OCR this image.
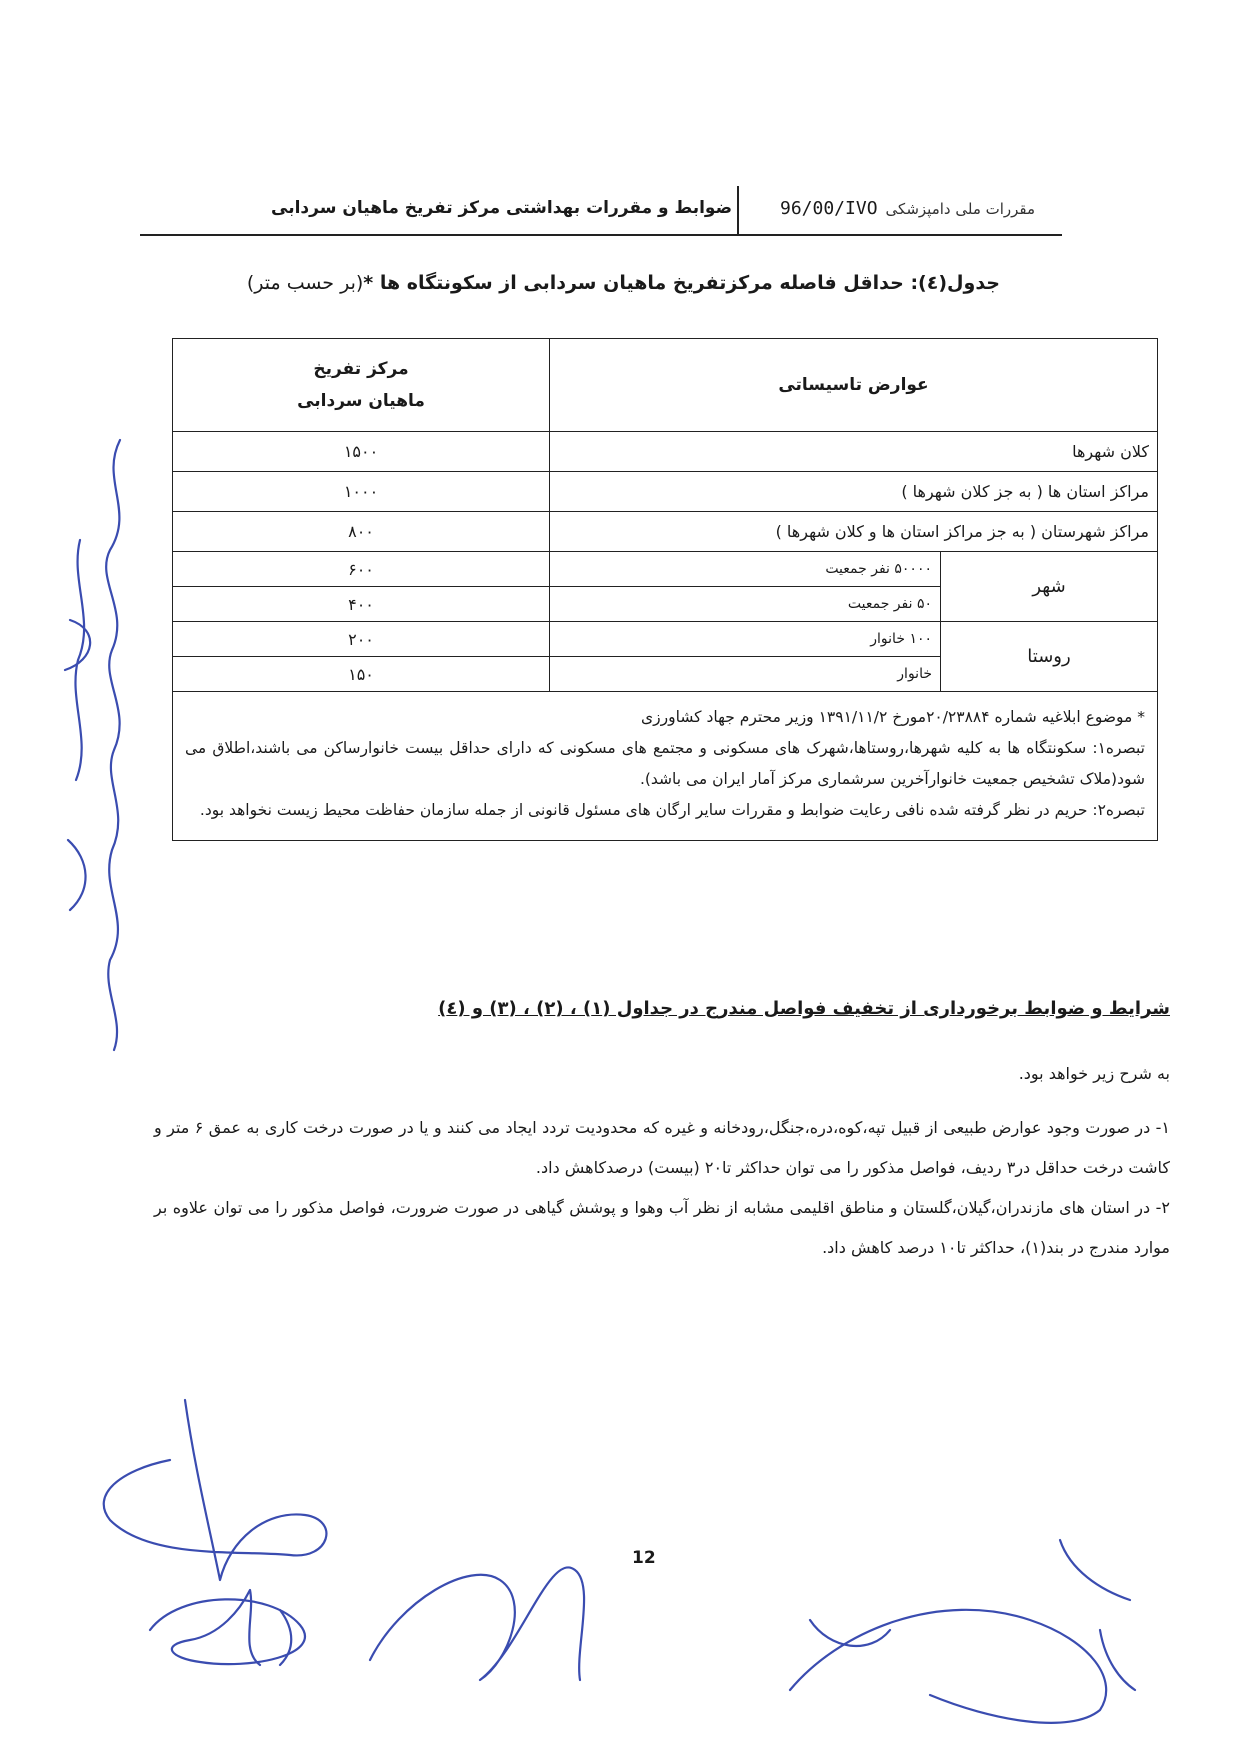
ضوابط و مقررات بهداشتی مرکز تفریخ ماهیان سردابی	96/00/IVO مقررات ملی دامپزشکی
جدول(٤): حداقل فاصله مرکزتفریخ ماهیان سردابی از سکونتگاه ها *(بر حسب متر)
عوارض تاسیساتی		مرکز تفریخ
ماهیان سردابی

کلان شهرها		۱۵۰۰
مراکز استان ها ( به جز کلان شهرها )		۱۰۰۰
مراکز شهرستان ( به جز مراکز استان ها و کلان شهرها )		۸۰۰
شهر	۵۰۰۰۰ نفر جمعیت	۶۰۰
	۵۰ نفر جمعیت	۴۰۰
روستا	۱۰۰ خانوار	۲۰۰
	خانوار	۱۵۰

* موضوع ابلاغیه شماره ۲۰/۲۳۸۸۴مورخ ۱۳۹۱/۱۱/۲ وزیر محترم جهاد کشاورزی
تبصره۱: سکونتگاه ها به کلیه شهرها،روستاها،شهرک های مسکونی و مجتمع های مسکونی که دارای حداقل بیست خانوارساکن می باشند،اطلاق می شود(ملاک تشخیص جمعیت خانوارآخرین سرشماری مرکز آمار ایران می باشد).
تبصره۲: حریم در نظر گرفته شده نافی رعایت ضوابط و مقررات سایر ارگان های مسئول قانونی از جمله سازمان حفاظت محیط زیست نخواهد بود.		
شرایط و ضوابط برخورداری از تخفیف فواصل مندرج در جداول (۱) ، (۲) ، (۳) و (٤)
به شرح زیر خواهد بود.
۱- در صورت وجود عوارض طبیعی از قبیل تپه،کوه،دره،جنگل،رودخانه و غیره که محدودیت تردد ایجاد می کنند و یا در صورت درخت کاری به عمق ۶ متر و کاشت درخت حداقل در۳ ردیف، فواصل مذکور را می توان حداکثر تا۲۰ (بیست) درصدکاهش داد.
۲- در استان های مازندران،گیلان،گلستان و مناطق اقلیمی مشابه از نظر آب وهوا و پوشش گیاهی در صورت ضرورت، فواصل مذکور را می توان علاوه بر موارد مندرج در بند(۱)، حداکثر تا۱۰ درصد کاهش داد.
12
